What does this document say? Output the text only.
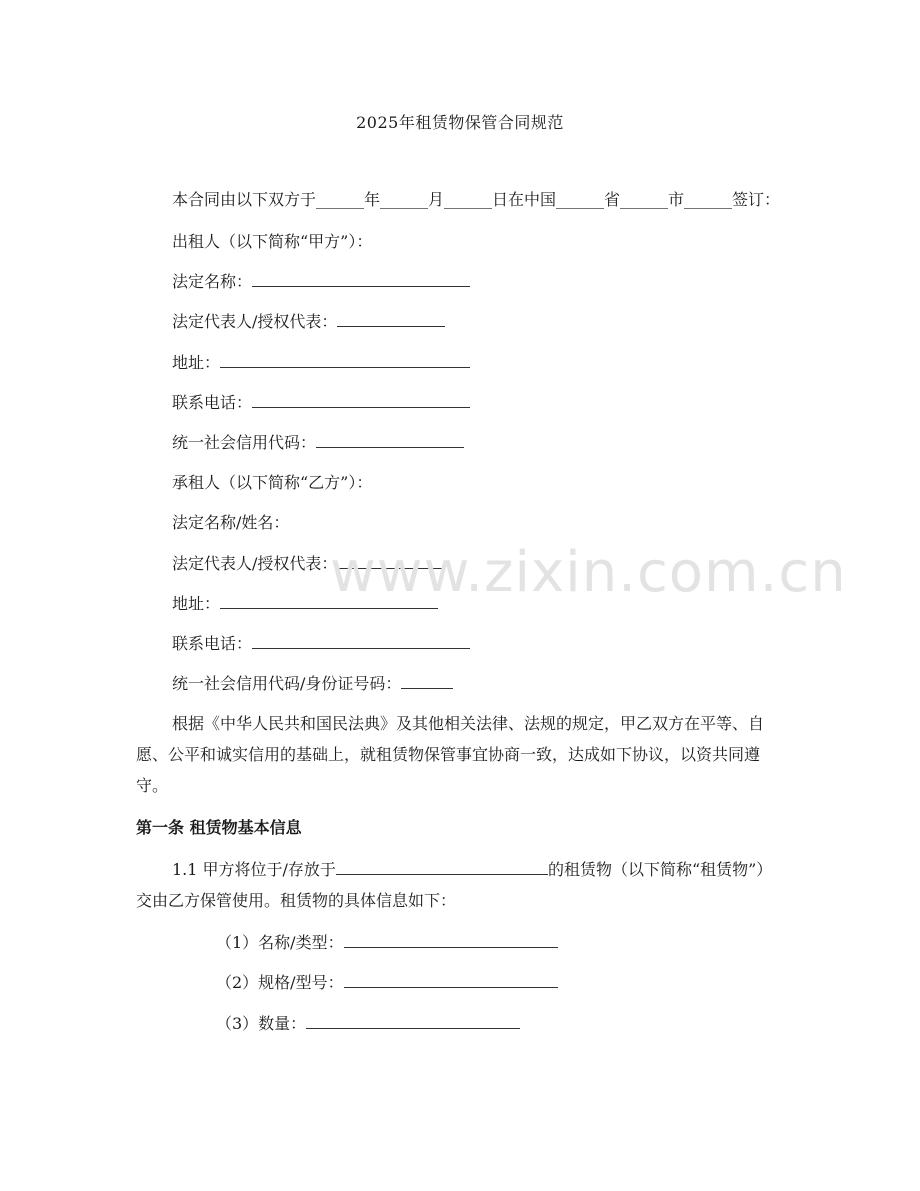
2025年租赁物保管合同规范

本合同由以下双方于______年______月______日在中国______省______市______签订：

出租人（以下简称“甲方”）：

法定名称：

法定代表人/授权代表：

地址：

联系电话：

统一社会信用代码：

承租人（以下简称“乙方”）：

法定名称/姓名：

法定代表人/授权代表：

地址：

联系电话：

统一社会信用代码/身份证号码：

根据《中华人民共和国民法典》及其他相关法律、法规的规定，甲乙双方在平等、自愿、公平和诚实信用的基础上，就租赁物保管事宜协商一致，达成如下协议，以资共同遵守。

第一条 租赁物基本信息

1.1 甲方将位于/存放于	的租赁物（以下简称“租赁物”）交由乙方保管使用。租赁物的具体信息如下：

（1）名称/类型：

（2）规格/型号：

（3）数量：

www.zixin.com.cn
